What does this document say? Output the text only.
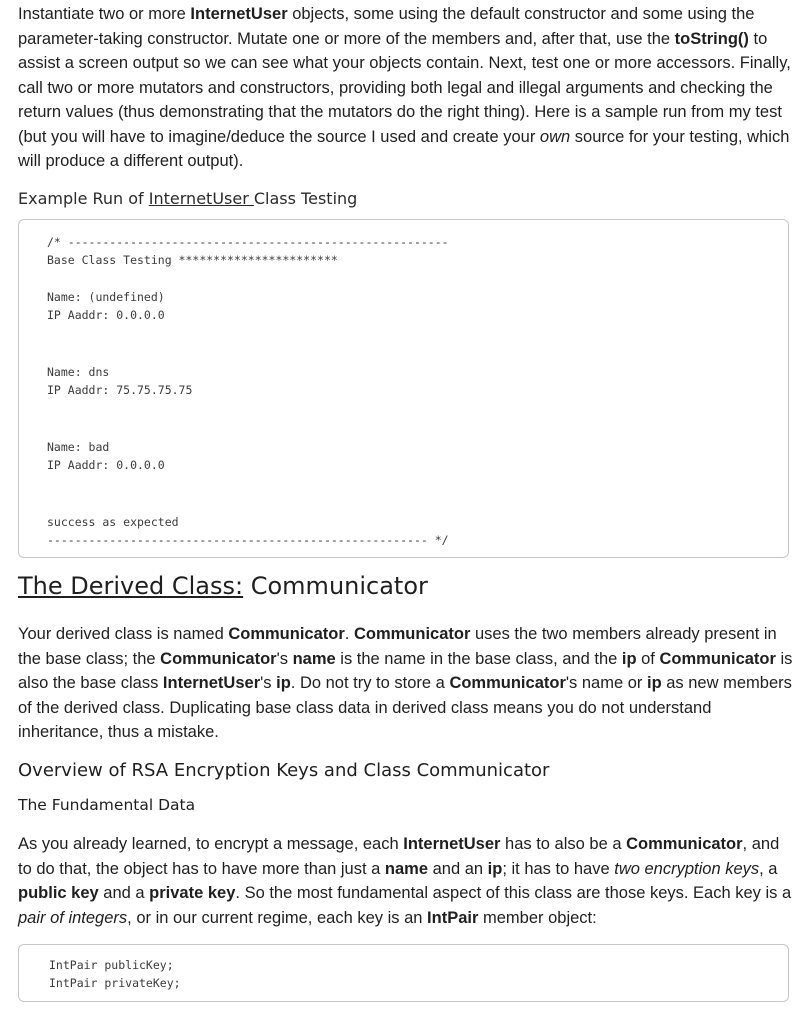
Instantiate two or more InternetUser objects, some using the default constructor and some using the parameter-taking constructor. Mutate one or more of the members and, after that, use the toString() to assist a screen output so we can see what your objects contain. Next, test one or more accessors. Finally, call two or more mutators and constructors, providing both legal and illegal arguments and checking the return values (thus demonstrating that the mutators do the right thing). Here is a sample run from my test (but you will have to imagine/deduce the source I used and create your own source for your testing, which will produce a different output).

Example Run of InternetUser Class Testing
/* -------------------------------------------------------
Base Class Testing ***********************
Name: (undefined)
IP Aaddr: 0.0.0.0
Name: dns
IP Aaddr: 75.75.75.75
Name: bad
IP Aaddr: 0.0.0.0
success as expected
------------------------------------------------------- */
The Derived Class: Communicator

Your derived class is named Communicator. Communicator uses the two members already present in the base class; the Communicator's name is the name in the base class, and the ip of Communicator is also the base class InternetUser's ip. Do not try to store a Communicator's name or ip as new members of the derived class. Duplicating base class data in derived class means you do not understand inheritance, thus a mistake.

Overview of RSA Encryption Keys and Class Communicator
The Fundamental Data

As you already learned, to encrypt a message, each InternetUser has to also be a Communicator, and to do that, the object has to have more than just a name and an ip; it has to have two encryption keys, a public key and a private key. So the most fundamental aspect of this class are those keys. Each key is a pair of integers, or in our current regime, each key is an IntPair member object:

IntPair publicKey;
IntPair privateKey;
